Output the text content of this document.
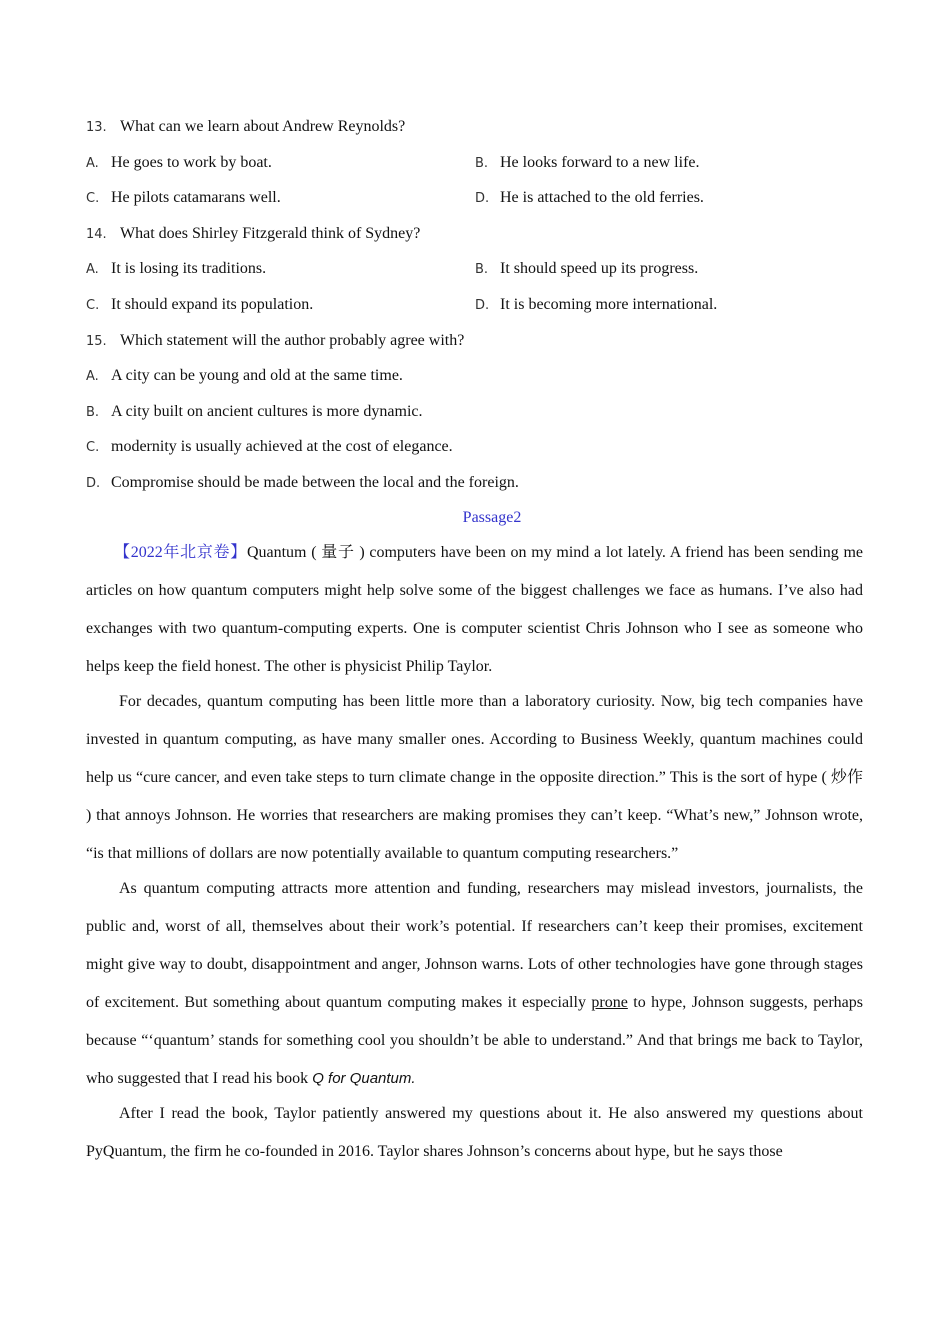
13. What can we learn about Andrew Reynolds?
A. He goes to work by boat.	B. He looks forward to a new life.
C. He pilots catamarans well.	D. He is attached to the old ferries.
14. What does Shirley Fitzgerald think of Sydney?
A. It is losing its traditions.	B. It should speed up its progress.
C. It should expand its population.	D. It is becoming more international.
15. Which statement will the author probably agree with?
A. A city can be young and old at the same time.
B. A city built on ancient cultures is more dynamic.
C. modernity is usually achieved at the cost of elegance.
D. Compromise should be made between the local and the foreign.
Passage2

【2022年北京卷】Quantum ( 量子 ) computers have been on my mind a lot lately. A friend has been sending me articles on how quantum computers might help solve some of the biggest challenges we face as humans. I’ve also had exchanges with two quantum-computing experts. One is computer scientist Chris Johnson who I see as someone who helps keep the field honest. The other is physicist Philip Taylor.

For decades, quantum computing has been little more than a laboratory curiosity. Now, big tech companies have invested in quantum computing, as have many smaller ones. According to Business Weekly, quantum machines could help us “cure cancer, and even take steps to turn climate change in the opposite direction.” This is the sort of hype ( 炒作 ) that annoys Johnson. He worries that researchers are making promises they can’t keep. “What’s new,” Johnson wrote, “is that millions of dollars are now potentially available to quantum computing researchers.”

As quantum computing attracts more attention and funding, researchers may mislead investors, journalists, the public and, worst of all, themselves about their work’s potential. If researchers can’t keep their promises, excitement might give way to doubt, disappointment and anger, Johnson warns. Lots of other technologies have gone through stages of excitement. But something about quantum computing makes it especially prone to hype, Johnson suggests, perhaps because “‘quantum’ stands for something cool you shouldn’t be able to understand.” And that brings me back to Taylor, who suggested that I read his book Q for Quantum.

After I read the book, Taylor patiently answered my questions about it. He also answered my questions about PyQuantum, the firm he co-founded in 2016. Taylor shares Johnson’s concerns about hype, but he says those
